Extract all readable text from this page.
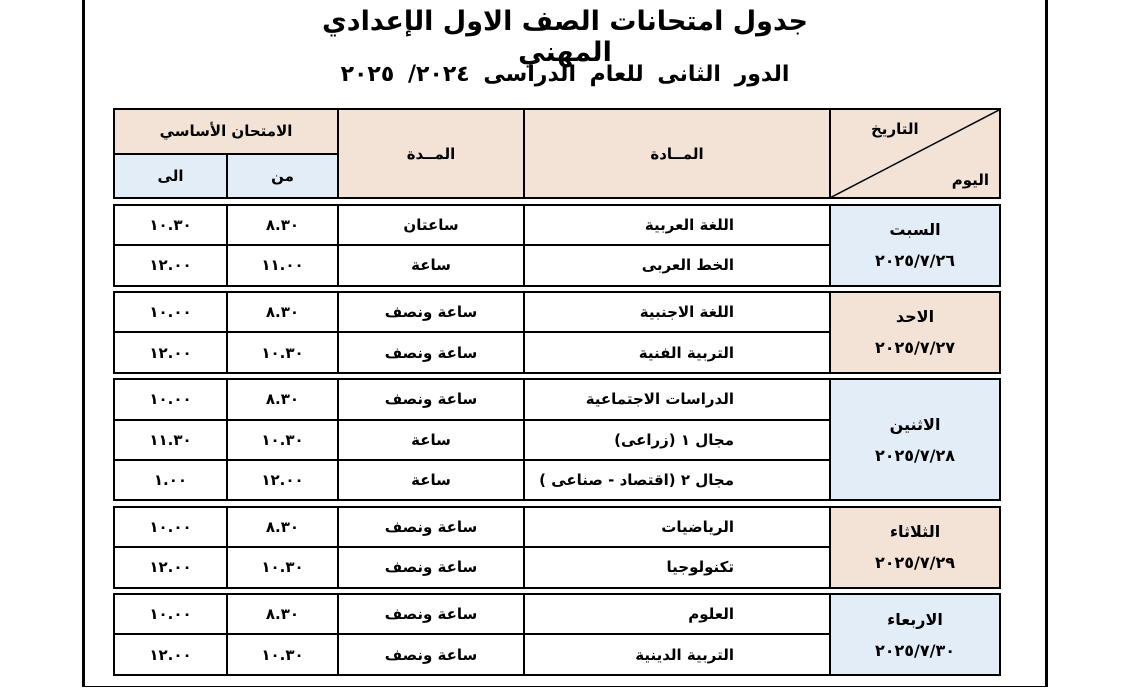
جدول امتحانات الصف الاول الإعدادي المهني
الدور الثانى للعام الدراسى ٢٠٢٤/ ٢٠٢٥
التاريخ
اليوم	المــادة	المــدة	الامتحان الأساسي	
			من	الى

السبت
٢٠٢٥/٧/٢٦	اللغة العربية	ساعتان	٨.٣٠	١٠.٣٠
	الخط العربى	ساعة	١١.٠٠	١٢.٠٠

الاحد
٢٠٢٥/٧/٢٧	اللغة الاجنبية	ساعة ونصف	٨.٣٠	١٠.٠٠
	التربية الفنية	ساعة ونصف	١٠.٣٠	١٢.٠٠

الاثنين
٢٠٢٥/٧/٢٨	الدراسات الاجتماعية	ساعة ونصف	٨.٣٠	١٠.٠٠
	مجال ١ (زراعى)	ساعة	١٠.٣٠	١١.٣٠
	مجال ٢ (اقتصاد - صناعى )	ساعة	١٢.٠٠	١.٠٠

الثلاثاء
٢٠٢٥/٧/٢٩	الرياضيات	ساعة ونصف	٨.٣٠	١٠.٠٠
	تكنولوجيا	ساعة ونصف	١٠.٣٠	١٢.٠٠

الاربعاء
٢٠٢٥/٧/٣٠	العلوم	ساعة ونصف	٨.٣٠	١٠.٠٠
	التربية الدينية	ساعة ونصف	١٠.٣٠	١٢.٠٠
